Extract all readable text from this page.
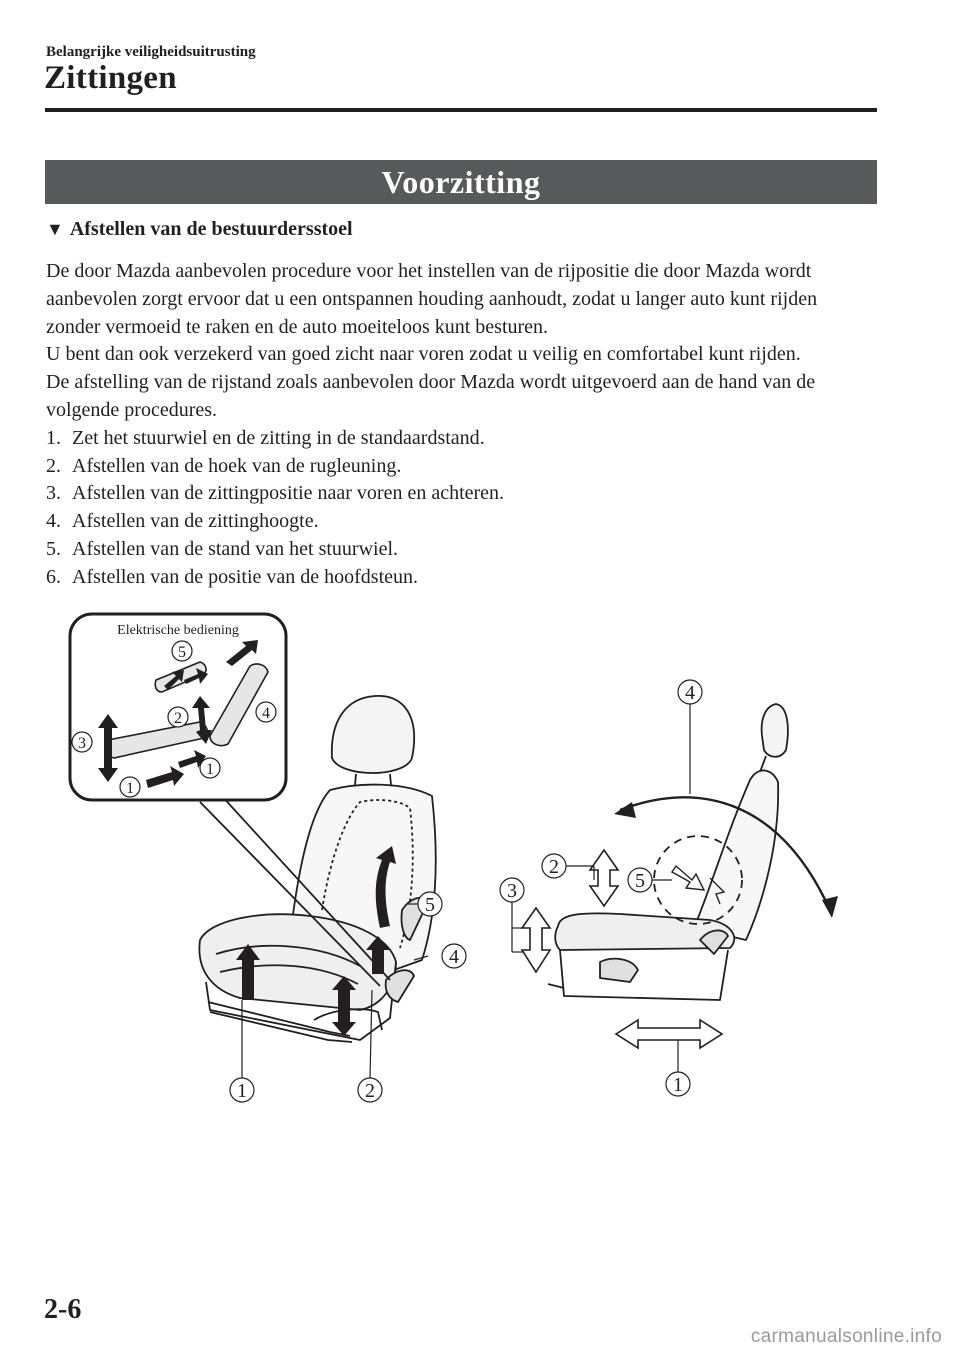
Belangrijke veiligheidsuitrusting
Zittingen
Voorzitting
▼ Afstellen van de bestuurdersstoel

De door Mazda aanbevolen procedure voor het instellen van de rijpositie die door Mazda wordt aanbevolen zorgt ervoor dat u een ontspannen houding aanhoudt, zodat u langer auto kunt rijden zonder vermoeid te raken en de auto moeiteloos kunt besturen.

U bent dan ook verzekerd van goed zicht naar voren zodat u veilig en comfortabel kunt rijden.

De afstelling van de rijstand zoals aanbevolen door Mazda wordt uitgevoerd aan de hand van de volgende procedures.

1. Zet het stuurwiel en de zitting in de standaardstand.
2. Afstellen van de hoek van de rugleuning.
3. Afstellen van de zittingpositie naar voren en achteren.
4. Afstellen van de zittinghoogte.
5. Afstellen van de stand van het stuurwiel.
6. Afstellen van de positie van de hoofdsteun.
Elektrische bediening
5
2	4
3
1
1
5
4
1	2
4
2
3	5
1
2-6
carmanualsonline.info
